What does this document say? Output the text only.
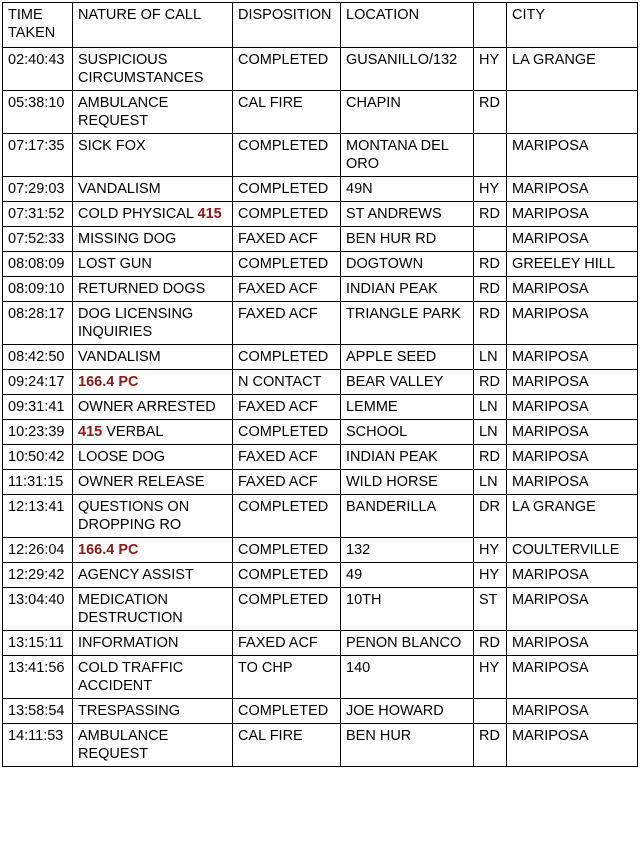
TIME TAKEN	NATURE OF CALL	DISPOSITION	LOCATION		CITY
02:40:43	SUSPICIOUS CIRCUMSTANCES	COMPLETED	GUSANILLO/132	HY	LA GRANGE
05:38:10	AMBULANCE REQUEST	CAL FIRE	CHAPIN	RD	
07:17:35	SICK FOX	COMPLETED	MONTANA DEL ORO		MARIPOSA
07:29:03	VANDALISM	COMPLETED	49N	HY	MARIPOSA
07:31:52	COLD PHYSICAL 415	COMPLETED	ST ANDREWS	RD	MARIPOSA
07:52:33	MISSING DOG	FAXED ACF	BEN HUR RD		MARIPOSA
08:08:09	LOST GUN	COMPLETED	DOGTOWN	RD	GREELEY HILL
08:09:10	RETURNED DOGS	FAXED ACF	INDIAN PEAK	RD	MARIPOSA
08:28:17	DOG LICENSING INQUIRIES	FAXED ACF	TRIANGLE PARK	RD	MARIPOSA
08:42:50	VANDALISM	COMPLETED	APPLE SEED	LN	MARIPOSA
09:24:17	166.4 PC	N CONTACT	BEAR VALLEY	RD	MARIPOSA
09:31:41	OWNER ARRESTED	FAXED ACF	LEMME	LN	MARIPOSA
10:23:39	415 VERBAL	COMPLETED	SCHOOL	LN	MARIPOSA
10:50:42	LOOSE DOG	FAXED ACF	INDIAN PEAK	RD	MARIPOSA
11:31:15	OWNER RELEASE	FAXED ACF	WILD HORSE	LN	MARIPOSA
12:13:41	QUESTIONS ON DROPPING RO	COMPLETED	BANDERILLA	DR	LA GRANGE
12:26:04	166.4 PC	COMPLETED	132	HY	COULTERVILLE
12:29:42	AGENCY ASSIST	COMPLETED	49	HY	MARIPOSA
13:04:40	MEDICATION DESTRUCTION	COMPLETED	10TH	ST	MARIPOSA
13:15:11	INFORMATION	FAXED ACF	PENON BLANCO	RD	MARIPOSA
13:41:56	COLD TRAFFIC ACCIDENT	TO CHP	140	HY	MARIPOSA
13:58:54	TRESPASSING	COMPLETED	JOE HOWARD		MARIPOSA
14:11:53	AMBULANCE REQUEST	CAL FIRE	BEN HUR	RD	MARIPOSA
